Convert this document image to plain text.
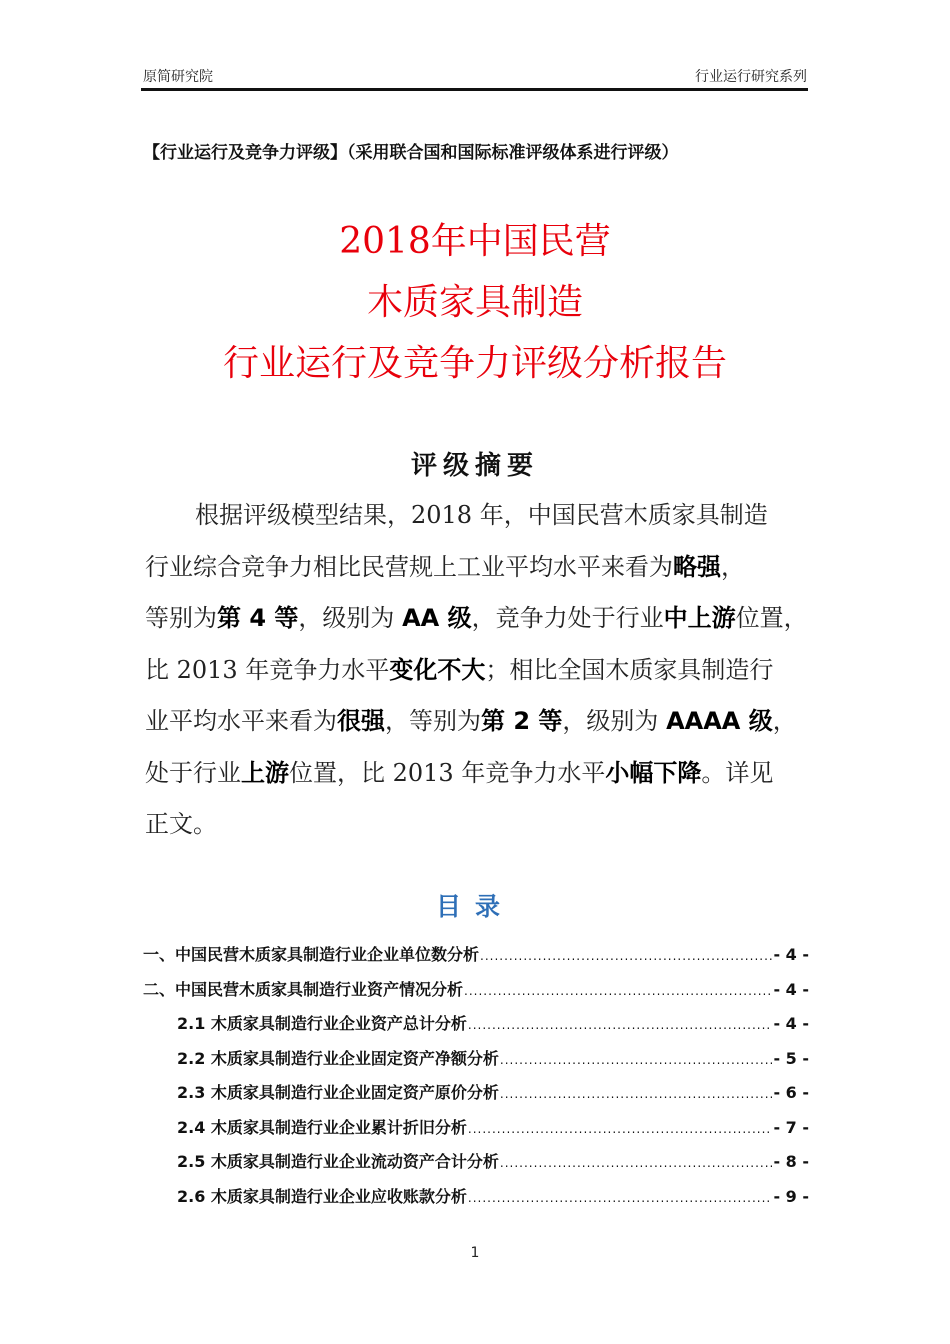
原简研究院	行业运行研究系列
【行业运行及竞争力评级】（采用联合国和国际标准评级体系进行评级）
2018年中国民营
木质家具制造
行业运行及竞争力评级分析报告
评级摘要
根据评级模型结果，2018 年，中国民营木质家具制造
行业综合竞争力相比民营规上工业平均水平来看为略强，
等别为第 4 等，级别为 AA 级，竞争力处于行业中上游位置，
比 2013 年竞争力水平变化不大；相比全国木质家具制造行
业平均水平来看为很强，等别为第 2 等，级别为 AAAA 级，
处于行业上游位置，比 2013 年竞争力水平小幅下降。详见
正文。
目录
一、中国民营木质家具制造行业企业单位数分析 .....	- 4 -
二、中国民营木质家具制造行业资产情况分析 .....	- 4 -
2.1 木质家具制造行业企业资产总计分析 .....	- 4 -
2.2 木质家具制造行业企业固定资产净额分析 .....	- 5 -
2.3 木质家具制造行业企业固定资产原价分析 .....	- 6 -
2.4 木质家具制造行业企业累计折旧分析 .....	- 7 -
2.5 木质家具制造行业企业流动资产合计分析 .....	- 8 -
2.6 木质家具制造行业企业应收账款分析 .....	- 9 -
1
